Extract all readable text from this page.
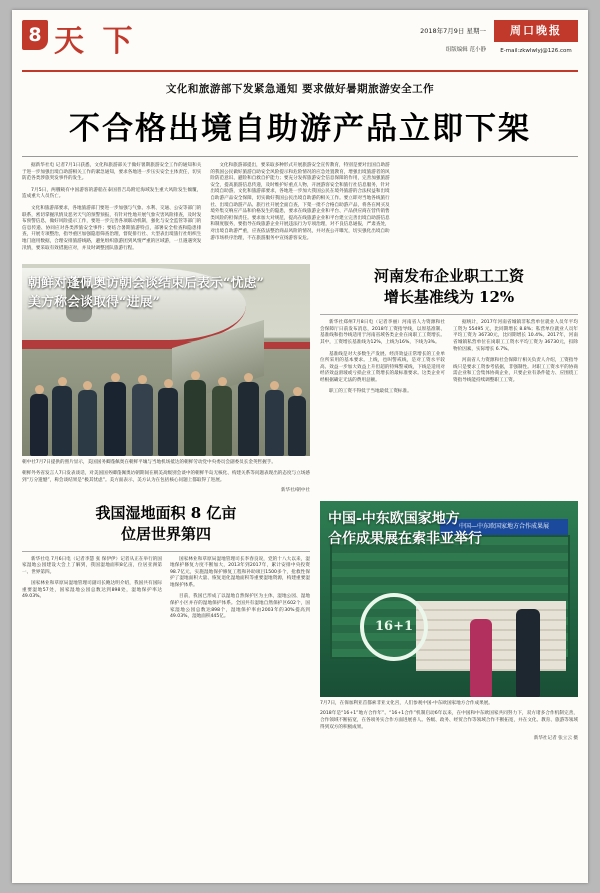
8 天 下	2018年7月9日 星期一
组版编辑 范小静
周口晚报
E-mail:zkwlwlyj@126.com
文化和旅游部下发紧急通知 要求做好暑期旅游安全工作
不合格出境自助游产品立即下架

据新华社电 记者7月1日获悉，文化和旅游部关于做好暑期旅游安全工作的通知和关于进一步加强出境自助游相关工作的紧急通知，要求各地进一步压实安全主体责任，切实防范各类涉旅突发事件的发生。

7月5日，两艘载有中国游客的游船在泰国普吉岛附近海域发生重大风险发生倾覆，造成重大人员伤亡。

文化和旅游部要求，各地旅游部门要进一步加强与气象、水利、交通、公安等部门的联系，密切掌握汛情及恶劣天气的预警预报，有针对性地开展气象灾害风险排查，及时发布预警信息，做好风险提示工作，要进一步完善各项联动机制，强化与安全监管等部门的信息传递、协同应对各类涉旅安全事件；要结合暑期旅游特点，部署安全检查和隐患排查，开展专项整治，指导重区加强隐患筛查治理，督促排行社、大型表出境旅行社组织生地门庭用数据，合理安排旅游线路，避免组织旅游团到风情严重的区域游，一旦遇遇突发汛情，要采取有效措施应对，并及时调整团队旅游行程。

文化和旅游部提出，要采取多种形式开展旅游安全宣传教育，特别是要对出国自助游的我国公民做好旅游自助安全风险提示和危险情况的应急处置教育，增强出境旅游者的风险防范意识、避险和自救自护能力；要充分发挥旅游安全信息保障的作用，完善加强旅游安全，提高旅游信息传递，及时维护好重点人物，开展游客安全和旅行社信息服务，针对出境自助游，文化和旅游部要求，各地进一步加大我国公民在境外旅游的合法权益和出境自助游产品安全保障，切实做好我国公民出境自助游的相关工作。要立即对当地各线旅行社、出境自助游产品、旅行社开展全面自查，下架一批不合格自助游产品，将各在网买及境外集交响应产品和价格发生的隐患，要求在线旅游企业和平台、产品供应商在营传销售类风险的担保责任。要求加大对规范，提高在线旅游企业和平台建立完善出境自助游信息和制度服务，要指导在线旅游企业开展违法行为专项治理，对不良信息通报，严肃查处，对出境自助游严重，应查依法整治商品风险的情况，并对查公开曝光，切实强化出境自助游市场秩序治理，不在旅游服务中宣扬游客安危。

朝鲜对蓬佩奥访朝会谈结束后表示“忧虑”
美方称会谈取得“进展”

朝中社7月7日提供的照片显示，美国国务卿蓬佩奥在朝鲜平壤与当地机场抵达的朝鲜劳动党中央委员会副委员长金英哲握手。

朝鲜外务省发言人7日发表谈话，对美国国务卿蓬佩奥访朝期间在朝美高级别会谈中的朝鲜半岛无核化、构建关系等问题表现出的态度与立场感到“万分遗憾”，称会谈结果是“极其忧虑”。美方面表示，美方认为在包括核心问题上都取得了进展。

新华社/朝中社
河南发布企业职工工资
增长基准线为 12%

新华社郑州7月8日电（记者李丽）河南省人力资源和社会保障厅日前发布消息，2018年工资指导线，以原基准制、基准线和指导线适用于河南省域各类企业在岗职工工资增长。其中，工资增长基准线为12%，上线为16%，下线为3%。

基准线是对大多数生产发展、经济效益正常增长的工业单位所采用的基本要求。上线，也叫警戒线，是对工资水平较高、效益一步加大效益上升但超的特殊警戒线，下线是适用对经济效益滑坡或亏损企业工资增长的最标准要求。这类企业可经根据确定无法的费用总额。

职工的工资不得低于当地最低工资标准。

据统计，2017年河南省城镇非私营单位就业人员年平均工资为 55495 元，比同期增长 8.8%；私营单位就业人员年平均工资为 36730元，比同期增长 10.4%。2017年，河南省城镇私营单位在岗职工工资水平均工资为 36730元，扣除物价因素，实际增长 6.7%。

河南省人力资源和社会保障厅相关负责人介绍，工资指导线只是要求工资参考依据，非强制性。对职工工资水平的协商需企业和工会集体协商企业，只要企业有条件能力、应围绕工资指导线能持续调整职工工资。

我国湿地面积 8 亿亩
位居世界第四

新华社电 7月6日电（记者李慧 张 保伊伊）记者从正在举行的国家湿地公园建设大会上了解到，我国湿地面积8亿亩，位居亚洲第一、世界第四。

国家林业和草原局湿地管理司副司长鲍达明介绍，我国共有国际重要湿地57处，国家湿地公园总数达到898处，湿地保护率达49.03%。

国家林业和草原局湿地管理司长李春良说，党的十八大以来，湿地保护修复力度不断加大，2013年到2017年，累计安排中央投资98.7亿元，实施湿地保护修复工程和补助项目1500多个，抢救性保护了湿地面积大量、恢复退化湿地面积等重要湿地资源，构建重要湿地保护体系。

目前，我国已形成了以湿地自然保护区为主体，湿地公园、湿地保护小区并存的湿地保护体系。全国共有湿地自然保护区602个，国家湿地公园总数达898个，湿地保护率由2003年的30%提高到49.03%，湿地面积445亿。

16+1
中国—中东欧国家地方合作成果展
中国-中东欧国家地方
合作成果展在索非亚举行

7月7日，在保加利亚首都索非亚文化宫，人们参观中国-中东欧国家地方合作成果展。

2018年是“16+1”地方合作年”。“16+1合作”机制启动6年以来，在中国和中东欧国家共同努力下，双方诸多合作机制完善，合作领域不断拓宽，在各项务实合作方面进展喜人。各级、政务、经贸合作等领域合作不断拓宽，并在文化、教育、旅游等领域得到双方的积极成果。

新华社记者 张立云 摄
